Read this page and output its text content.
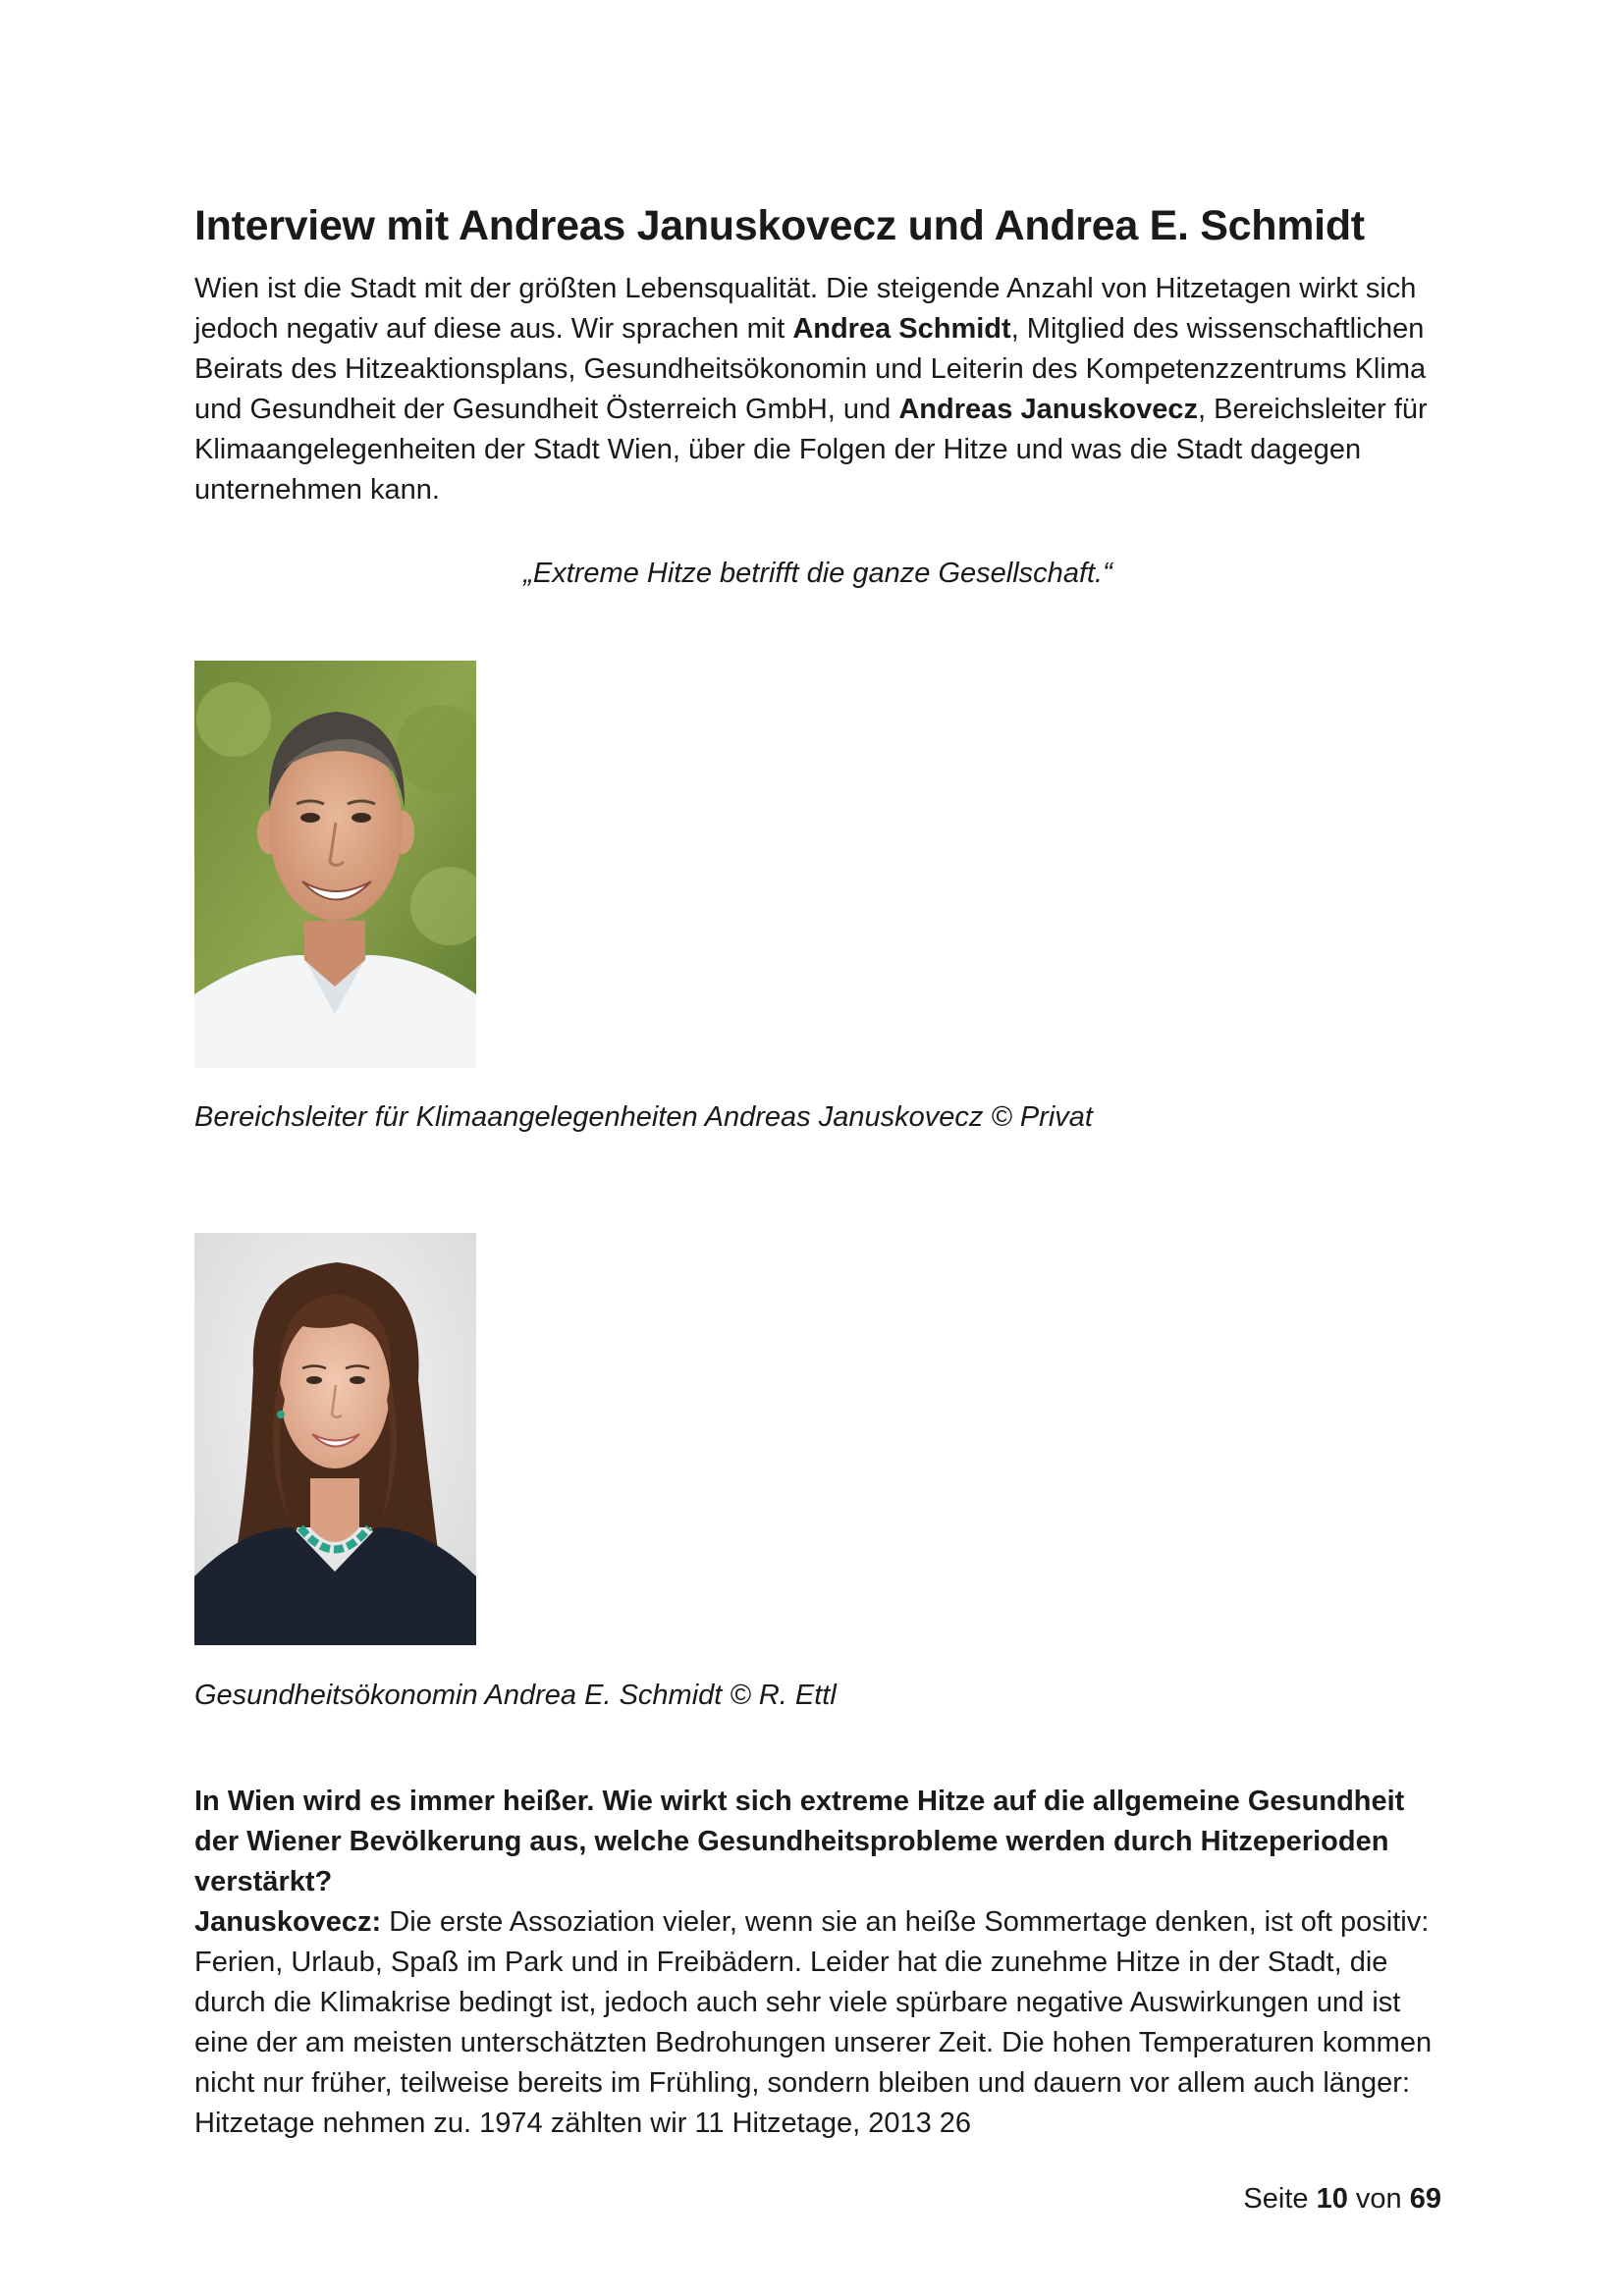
Interview mit Andreas Januskovecz und Andrea E. Schmidt

Wien ist die Stadt mit der größten Lebensqualität. Die steigende Anzahl von Hitzetagen wirkt sich jedoch negativ auf diese aus. Wir sprachen mit Andrea Schmidt, Mitglied des wissenschaftlichen Beirats des Hitzeaktionsplans, Gesundheitsökonomin und Leiterin des Kompetenzzentrums Klima und Gesundheit der Gesundheit Österreich GmbH, und Andreas Januskovecz, Bereichsleiter für Klimaangelegenheiten der Stadt Wien, über die Folgen der Hitze und was die Stadt dagegen unternehmen kann.

„Extreme Hitze betrifft die ganze Gesellschaft.“

Bereichsleiter für Klimaangelegenheiten Andreas Januskovecz © Privat

Gesundheitsökonomin Andrea E. Schmidt © R. Ettl

In Wien wird es immer heißer. Wie wirkt sich extreme Hitze auf die allgemeine Gesundheit der Wiener Bevölkerung aus, welche Gesundheitsprobleme werden durch Hitzeperioden verstärkt?

Januskovecz: Die erste Assoziation vieler, wenn sie an heiße Sommertage denken, ist oft positiv: Ferien, Urlaub, Spaß im Park und in Freibädern. Leider hat die zunehme Hitze in der Stadt, die durch die Klimakrise bedingt ist, jedoch auch sehr viele spürbare negative Auswirkungen und ist eine der am meisten unterschätzten Bedrohungen unserer Zeit. Die hohen Temperaturen kommen nicht nur früher, teilweise bereits im Frühling, sondern bleiben und dauern vor allem auch länger: Hitzetage nehmen zu. 1974 zählten wir 11 Hitzetage, 2013 26

Seite 10 von 69
